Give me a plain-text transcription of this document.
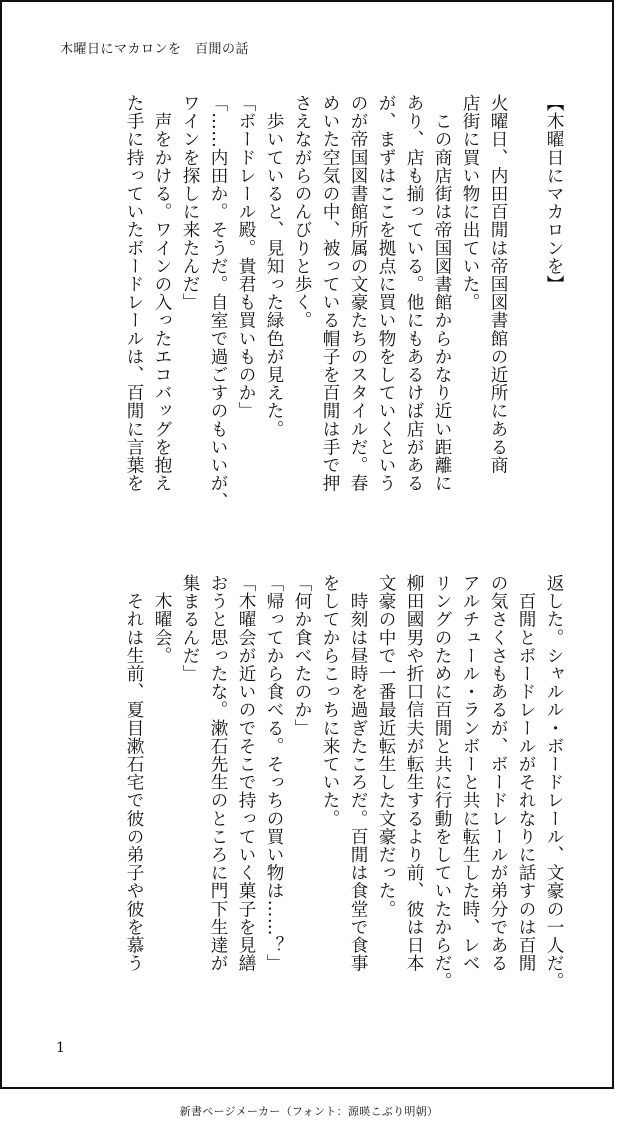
木曜日にマカロンを　百閒の話

【木曜日にマカロンを】

火曜日、内田百閒は帝国図書館の近所にある商

店街に買い物に出ていた。

　この商店街は帝国図書館からかなり近い距離に

あり、店も揃っている。他にもあるけば店がある

が、まずはここを拠点に買い物をしていくという

のが帝国図書館所属の文豪たちのスタイルだ。春

めいた空気の中、被っている帽子を百閒は手で押

さえながらのんびりと歩く。

　歩いていると、見知った緑色が見えた。

「ボードレール殿。貴君も買いものか」

「……内田か。そうだ。自室で過ごすのもいいが、

ワインを探しに来たんだ」

　声をかける。ワインの入ったエコバッグを抱え

た手に持っていたボードレールは、百閒に言葉を

返した。シャルル・ボードレール、文豪の一人だ。

　百閒とボードレールがそれなりに話すのは百閒

の気さくさもあるが、ボードレールが弟分である

アルチュール・ランボーと共に転生した時、レベ

リングのために百閒と共に行動をしていたからだ。

柳田國男や折口信夫が転生するより前、彼は日本

文豪の中で一番最近転生した文豪だった。

　時刻は昼時を過ぎたころだ。百閒は食堂で食事

をしてからこっちに来ていた。

「何か食べたのか」

「帰ってから食べる。そっちの買い物は……？」

「木曜会が近いのでそこで持っていく菓子を見繕

おうと思ったな。漱石先生のところに門下生達が

集まるんだ」

　木曜会。

　それは生前、夏目漱石宅で彼の弟子や彼を慕う

1
新書ページメーカー（フォント：源暎こぶり明朝）
